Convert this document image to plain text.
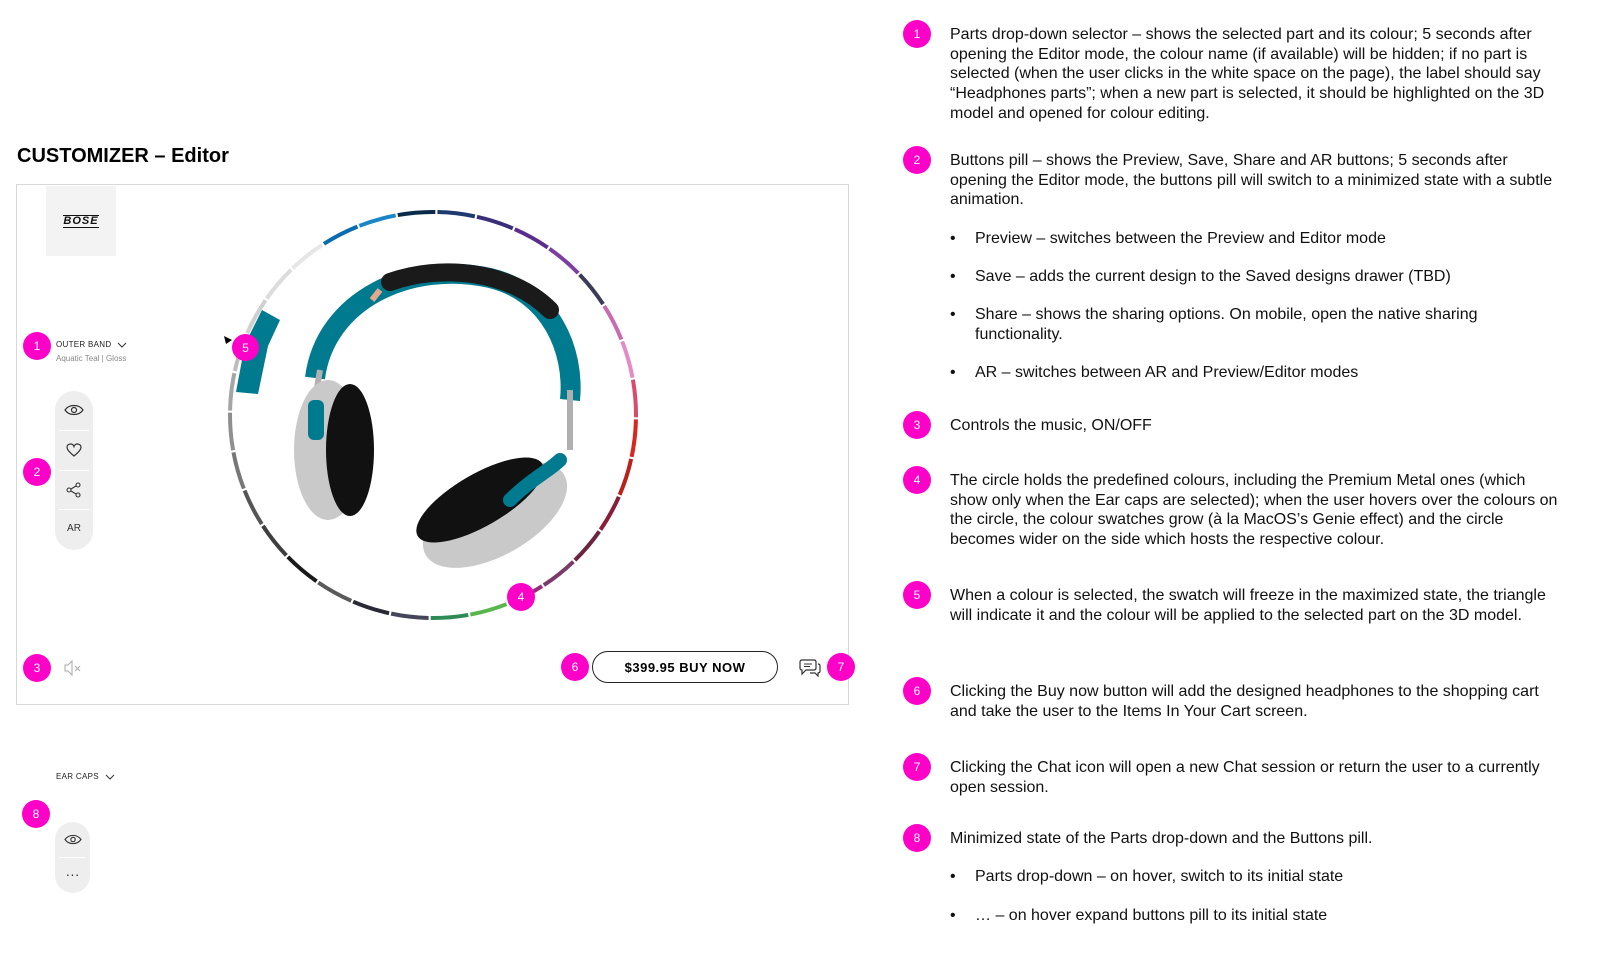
CUSTOMIZER – Editor
BOSE
1	OUTER BAND
Aquatic Teal | Gloss
5
2
AR
4
3	6	$399.95 BUY NOW	7
EAR CAPS
8
···
1	Parts drop-down selector – shows the selected part and its colour; 5 seconds after opening the Editor mode, the colour name (if available) will be hidden; if no part is selected (when the user clicks in the white space on the page), the label should say “Headphones parts”; when a new part is selected, it should be highlighted on the 3D model and opened for colour editing.
2	Buttons pill – shows the Preview, Save, Share and AR buttons; 5 seconds after opening the Editor mode, the buttons pill will switch to a minimized state with a subtle animation.
• Preview – switches between the Preview and Editor mode
• Save – adds the current design to the Saved designs drawer (TBD)
• Share – shows the sharing options. On mobile, open the native sharing functionality.
• AR – switches between AR and Preview/Editor modes
3	Controls the music, ON/OFF
4	The circle holds the predefined colours, including the Premium Metal ones (which show only when the Ear caps are selected); when the user hovers over the colours on the circle, the colour swatches grow (à la MacOS’s Genie effect) and the circle becomes wider on the side which hosts the respective colour.
5	When a colour is selected, the swatch will freeze in the maximized state, the triangle will indicate it and the colour will be applied to the selected part on the 3D model.
6	Clicking the Buy now button will add the designed headphones to the shopping cart and take the user to the Items In Your Cart screen.
7	Clicking the Chat icon will open a new Chat session or return the user to a currently open session.
8	Minimized state of the Parts drop-down and the Buttons pill.
• Parts drop-down – on hover, switch to its initial state
• … – on hover expand buttons pill to its initial state
